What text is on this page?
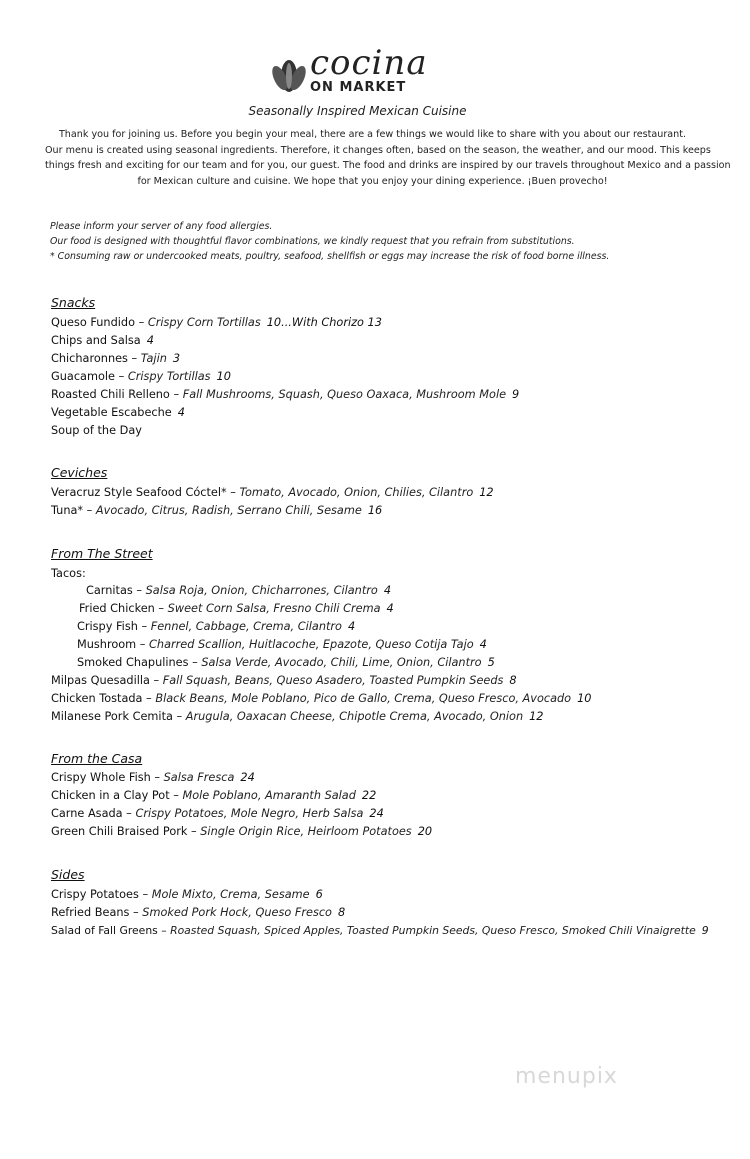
cocina
ON MARKET
Seasonally Inspired Mexican Cuisine
Thank you for joining us. Before you begin your meal, there are a few things we would like to share with you about our restaurant.
Our menu is created using seasonal ingredients. Therefore, it changes often, based on the season, the weather, and our mood. This keeps
things fresh and exciting for our team and for you, our guest. The food and drinks are inspired by our travels throughout Mexico and a passion
for Mexican culture and cuisine. We hope that you enjoy your dining experience. ¡Buen provecho!
Please inform your server of any food allergies.
Our food is designed with thoughtful flavor combinations, we kindly request that you refrain from substitutions.
* Consuming raw or undercooked meats, poultry, seafood, shellfish or eggs may increase the risk of food borne illness.
Snacks
Queso Fundido – Crispy Corn Tortillas 10...With Chorizo 13
Chips and Salsa 4
Chicharonnes – Tajin 3
Guacamole – Crispy Tortillas 10
Roasted Chili Relleno – Fall Mushrooms, Squash, Queso Oaxaca, Mushroom Mole 9
Vegetable Escabeche 4
Soup of the Day
Ceviches
Veracruz Style Seafood Cóctel* – Tomato, Avocado, Onion, Chilies, Cilantro 12
Tuna* – Avocado, Citrus, Radish, Serrano Chili, Sesame 16
From The Street
Tacos:
Carnitas – Salsa Roja, Onion, Chicharrones, Cilantro 4
Fried Chicken – Sweet Corn Salsa, Fresno Chili Crema 4
Crispy Fish – Fennel, Cabbage, Crema, Cilantro 4
Mushroom – Charred Scallion, Huitlacoche, Epazote, Queso Cotija Tajo 4
Smoked Chapulines – Salsa Verde, Avocado, Chili, Lime, Onion, Cilantro 5
Milpas Quesadilla – Fall Squash, Beans, Queso Asadero, Toasted Pumpkin Seeds 8
Chicken Tostada – Black Beans, Mole Poblano, Pico de Gallo, Crema, Queso Fresco, Avocado 10
Milanese Pork Cemita – Arugula, Oaxacan Cheese, Chipotle Crema, Avocado, Onion 12
From the Casa
Crispy Whole Fish – Salsa Fresca 24
Chicken in a Clay Pot – Mole Poblano, Amaranth Salad 22
Carne Asada – Crispy Potatoes, Mole Negro, Herb Salsa 24
Green Chili Braised Pork – Single Origin Rice, Heirloom Potatoes 20
Sides
Crispy Potatoes – Mole Mixto, Crema, Sesame 6
Refried Beans – Smoked Pork Hock, Queso Fresco 8
Salad of Fall Greens – Roasted Squash, Spiced Apples, Toasted Pumpkin Seeds, Queso Fresco, Smoked Chili Vinaigrette 9
menupix
